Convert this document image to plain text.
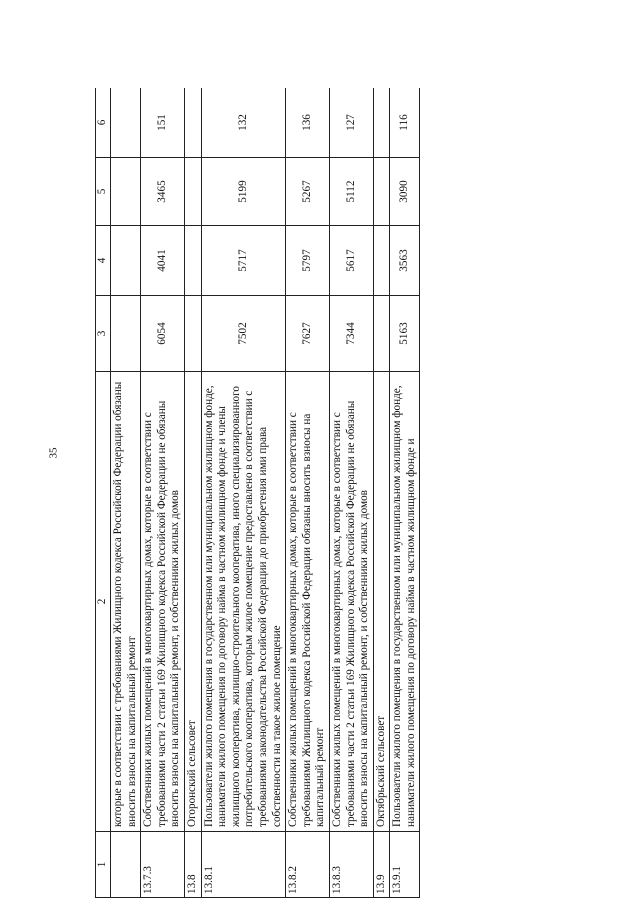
35
1	2	3	4	5	6
	которые в соответствии с требованиями Жилищного кодекса Российской Федерации обязаны вносить взносы на капитальный ремонт				
13.7.3	Собственники жилых помещений в многоквартирных домах, которые в соответствии с требованиями части 2 статьи 169 Жилищного кодекса Российской Федерации не обязаны вносить взносы на капитальный ремонт, и собственники жилых домов	6054	4041	3465	151
13.8	Огоронский сельсовет				
13.8.1	Пользователи жилого помещения в государственном или муниципальном жилищном фонде, наниматели жилого помещения по договору найма в частном жилищном фонде и члены жилищного кооператива, жилищно-строительного кооператива, иного специализированного потребительского кооператива, которым жилое помещение предоставлено в соответствии с требованиями законодательства Российской Федерации до приобретения ими права собственности на такое жилое помещение	7502	5717	5199	132
13.8.2	Собственники жилых помещений в многоквартирных домах, которые в соответствии с требованиями Жилищного кодекса Российской Федерации обязаны вносить взносы на капитальный ремонт	7627	5797	5267	136
13.8.3	Собственники жилых помещений в многоквартирных домах, которые в соответствии с требованиями части 2 статьи 169 Жилищного кодекса Российской Федерации не обязаны вносить взносы на капитальный ремонт, и собственники жилых домов	7344	5617	5112	127
13.9	Октябрьский сельсовет				
13.9.1	Пользователи жилого помещения в государственном или муниципальном жилищном фонде, наниматели жилого помещения по договору найма в частном жилищном фонде и	5163	3563	3090	116
